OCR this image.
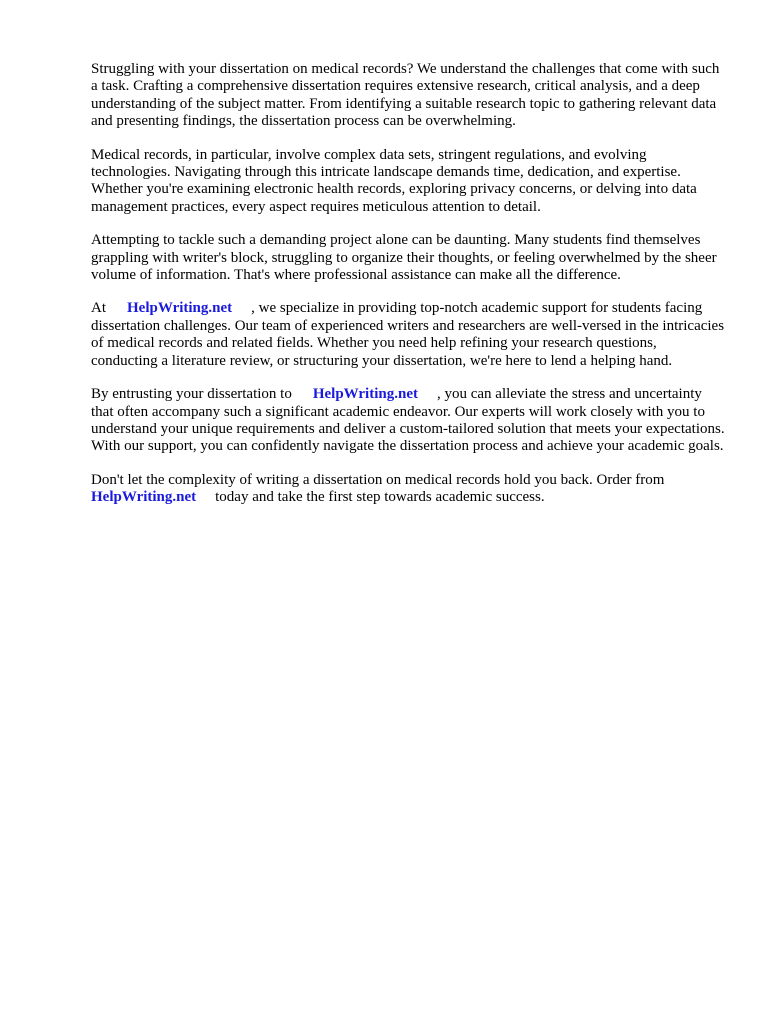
Struggling with your dissertation on medical records? We understand the challenges that come with such a task. Crafting a comprehensive dissertation requires extensive research, critical analysis, and a deep understanding of the subject matter. From identifying a suitable research topic to gathering relevant data and presenting findings, the dissertation process can be overwhelming.

Medical records, in particular, involve complex data sets, stringent regulations, and evolving technologies. Navigating through this intricate landscape demands time, dedication, and expertise. Whether you're examining electronic health records, exploring privacy concerns, or delving into data management practices, every aspect requires meticulous attention to detail.

Attempting to tackle such a demanding project alone can be daunting. Many students find themselves grappling with writer's block, struggling to organize their thoughts, or feeling overwhelmed by the sheer volume of information. That's where professional assistance can make all the difference.

At HelpWriting.net , we specialize in providing top-notch academic support for students facing dissertation challenges. Our team of experienced writers and researchers are well-versed in the intricacies of medical records and related fields. Whether you need help refining your research questions, conducting a literature review, or structuring your dissertation, we're here to lend a helping hand.

By entrusting your dissertation to HelpWriting.net , you can alleviate the stress and uncertainty that often accompany such a significant academic endeavor. Our experts will work closely with you to understand your unique requirements and deliver a custom-tailored solution that meets your expectations. With our support, you can confidently navigate the dissertation process and achieve your academic goals.

Don't let the complexity of writing a dissertation on medical records hold you back. Order from HelpWriting.net today and take the first step towards academic success.
